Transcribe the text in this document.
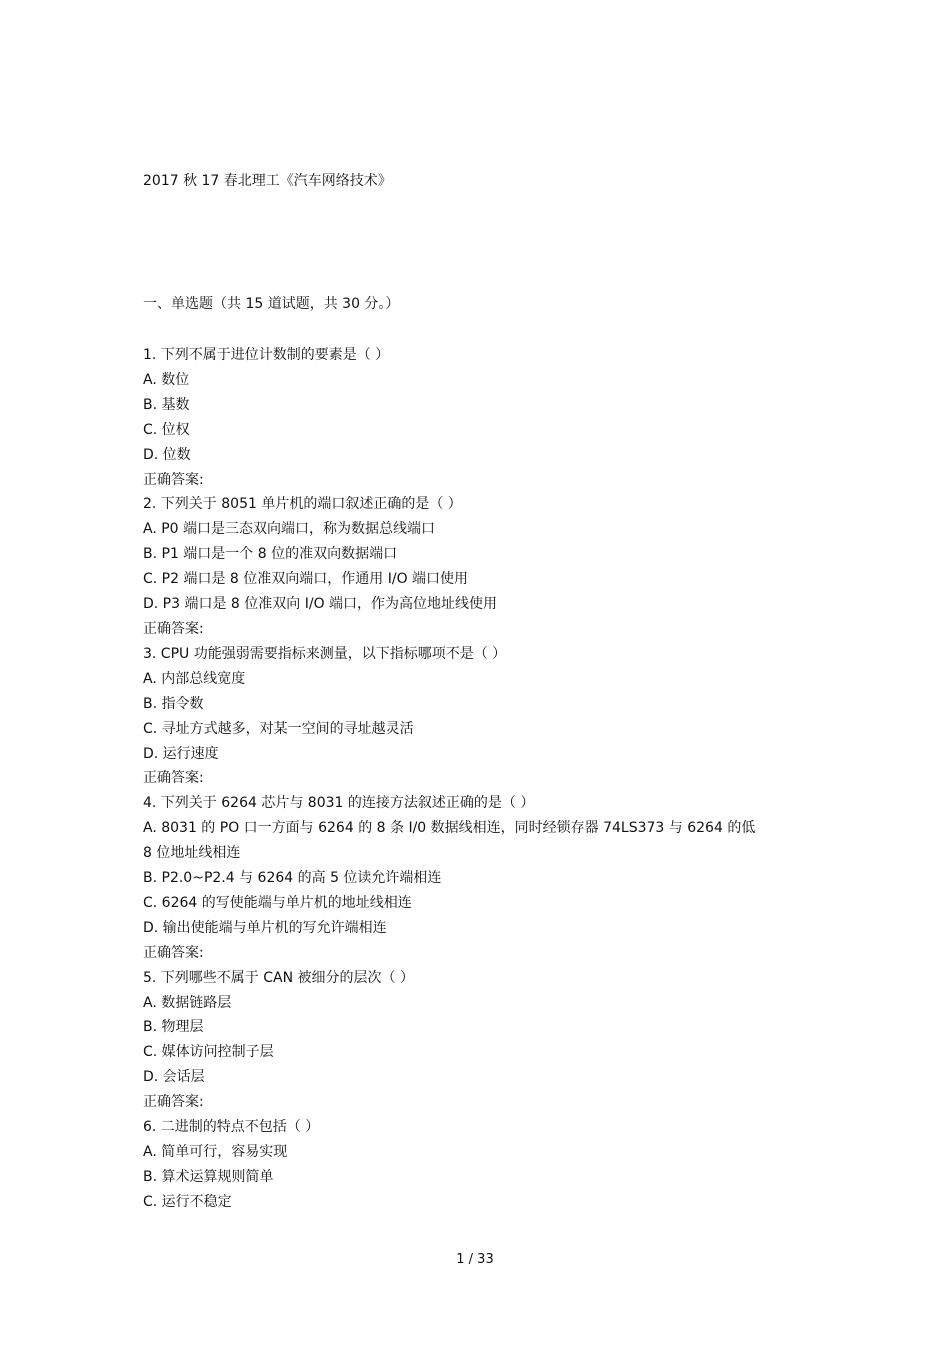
2017 秋 17 春北理工《汽车网络技术》
一、单选题（共 15 道试题，共 30 分。）
1. 下列不属于进位计数制的要素是（ ）
A. 数位
B. 基数
C. 位权
D. 位数
正确答案:
2. 下列关于 8051 单片机的端口叙述正确的是（ ）
A. P0 端口是三态双向端口，称为数据总线端口
B. P1 端口是一个 8 位的准双向数据端口
C. P2 端口是 8 位准双向端口，作通用 I/O 端口使用
D. P3 端口是 8 位准双向 I/O 端口，作为高位地址线使用
正确答案:
3. CPU 功能强弱需要指标来测量，以下指标哪项不是（ ）
A. 内部总线宽度
B. 指令数
C. 寻址方式越多，对某一空间的寻址越灵活
D. 运行速度
正确答案:
4. 下列关于 6264 芯片与 8031 的连接方法叙述正确的是（ ）
A. 8031 的 PO 口一方面与 6264 的 8 条 I/0 数据线相连，同时经锁存器 74LS373 与 6264 的低
8 位地址线相连
B. P2.0~P2.4 与 6264 的高 5 位读允许端相连
C. 6264 的写使能端与单片机的地址线相连
D. 输出使能端与单片机的写允许端相连
正确答案:
5. 下列哪些不属于 CAN 被细分的层次（ ）
A. 数据链路层
B. 物理层
C. 媒体访问控制子层
D. 会话层
正确答案:
6. 二进制的特点不包括（ ）
A. 简单可行，容易实现
B. 算术运算规则简单
C. 运行不稳定
1 / 33
